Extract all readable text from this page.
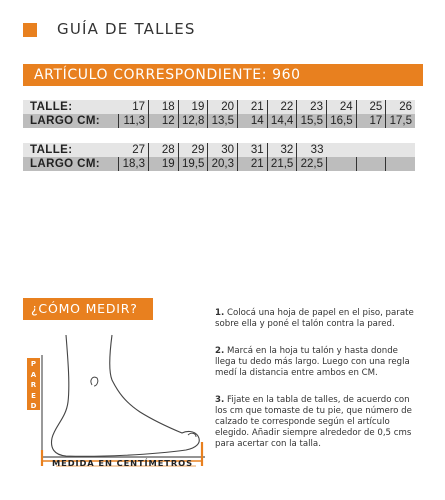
GUÍA DE TALLES
ARTÍCULO CORRESPONDIENTE: 960
TALLE:	17	18	19	20	21	22	23	24	25	26
LARGO CM:	11,3	12	12,8	13,5	14	14,4	15,5	16,5	17	17,5
TALLE:	27	28	29	30	31	32	33			
LARGO CM:	18,3	19	19,5	20,3	21	21,5	22,5			
¿CÓMO MEDIR?
P
A
R
E
D
MEDIDA EN CENTÍMETROS
1. Colocá una hoja de papel en el piso, parate sobre ella y poné el talón contra la pared.
2. Marcá en la hoja tu talón y hasta donde llega tu dedo más largo. Luego con una regla medí la distancia entre ambos en CM.
3. Fijate en la tabla de talles, de acuerdo con los cm que tomaste de tu pie, que número de calzado te corresponde según el artículo elegido. Añadir siempre alrededor de 0,5 cms para acertar con la talla.
